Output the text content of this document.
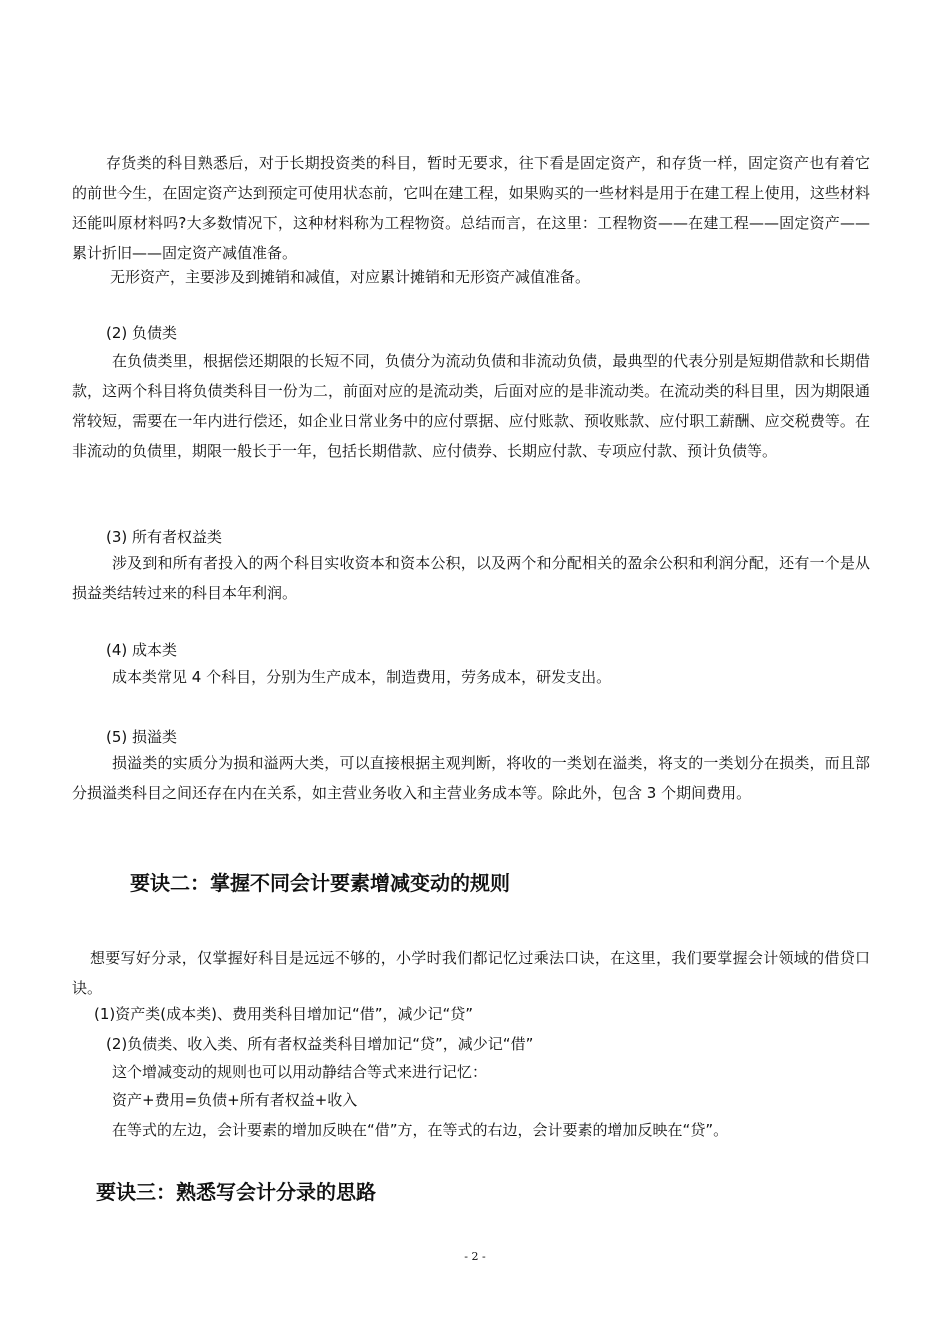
存货类的科目熟悉后，对于长期投资类的科目，暂时无要求，往下看是固定资产，和存货一样，固定资产也有着它的前世今生，在固定资产达到预定可使用状态前，它叫在建工程，如果购买的一些材料是用于在建工程上使用，这些材料还能叫原材料吗?大多数情况下，这种材料称为工程物资。总结而言，在这里：工程物资——在建工程——固定资产——累计折旧——固定资产减值准备。

无形资产，主要涉及到摊销和减值，对应累计摊销和无形资产减值准备。

(2) 负债类

在负债类里，根据偿还期限的长短不同，负债分为流动负债和非流动负债，最典型的代表分别是短期借款和长期借款，这两个科目将负债类科目一份为二，前面对应的是流动类，后面对应的是非流动类。在流动类的科目里，因为期限通常较短，需要在一年内进行偿还，如企业日常业务中的应付票据、应付账款、预收账款、应付职工薪酬、应交税费等。在非流动的负债里，期限一般长于一年，包括长期借款、应付债券、长期应付款、专项应付款、预计负债等。

(3) 所有者权益类

涉及到和所有者投入的两个科目实收资本和资本公积，以及两个和分配相关的盈余公积和利润分配，还有一个是从损益类结转过来的科目本年利润。

(4) 成本类

成本类常见 4 个科目，分别为生产成本，制造费用，劳务成本，研发支出。

(5) 损溢类

损溢类的实质分为损和溢两大类，可以直接根据主观判断，将收的一类划在溢类，将支的一类划分在损类，而且部分损溢类科目之间还存在内在关系，如主营业务收入和主营业务成本等。除此外，包含 3 个期间费用。

要诀二：掌握不同会计要素增减变动的规则

想要写好分录，仅掌握好科目是远远不够的，小学时我们都记忆过乘法口诀，在这里，我们要掌握会计领域的借贷口诀。

(1)资产类(成本类)、费用类科目增加记“借”，减少记“贷”

(2)负债类、收入类、所有者权益类科目增加记“贷”，减少记“借”

这个增减变动的规则也可以用动静结合等式来进行记忆：

资产+费用=负债+所有者权益+收入

在等式的左边，会计要素的增加反映在“借”方，在等式的右边，会计要素的增加反映在“贷”。

要诀三：熟悉写会计分录的思路
- 2 -
